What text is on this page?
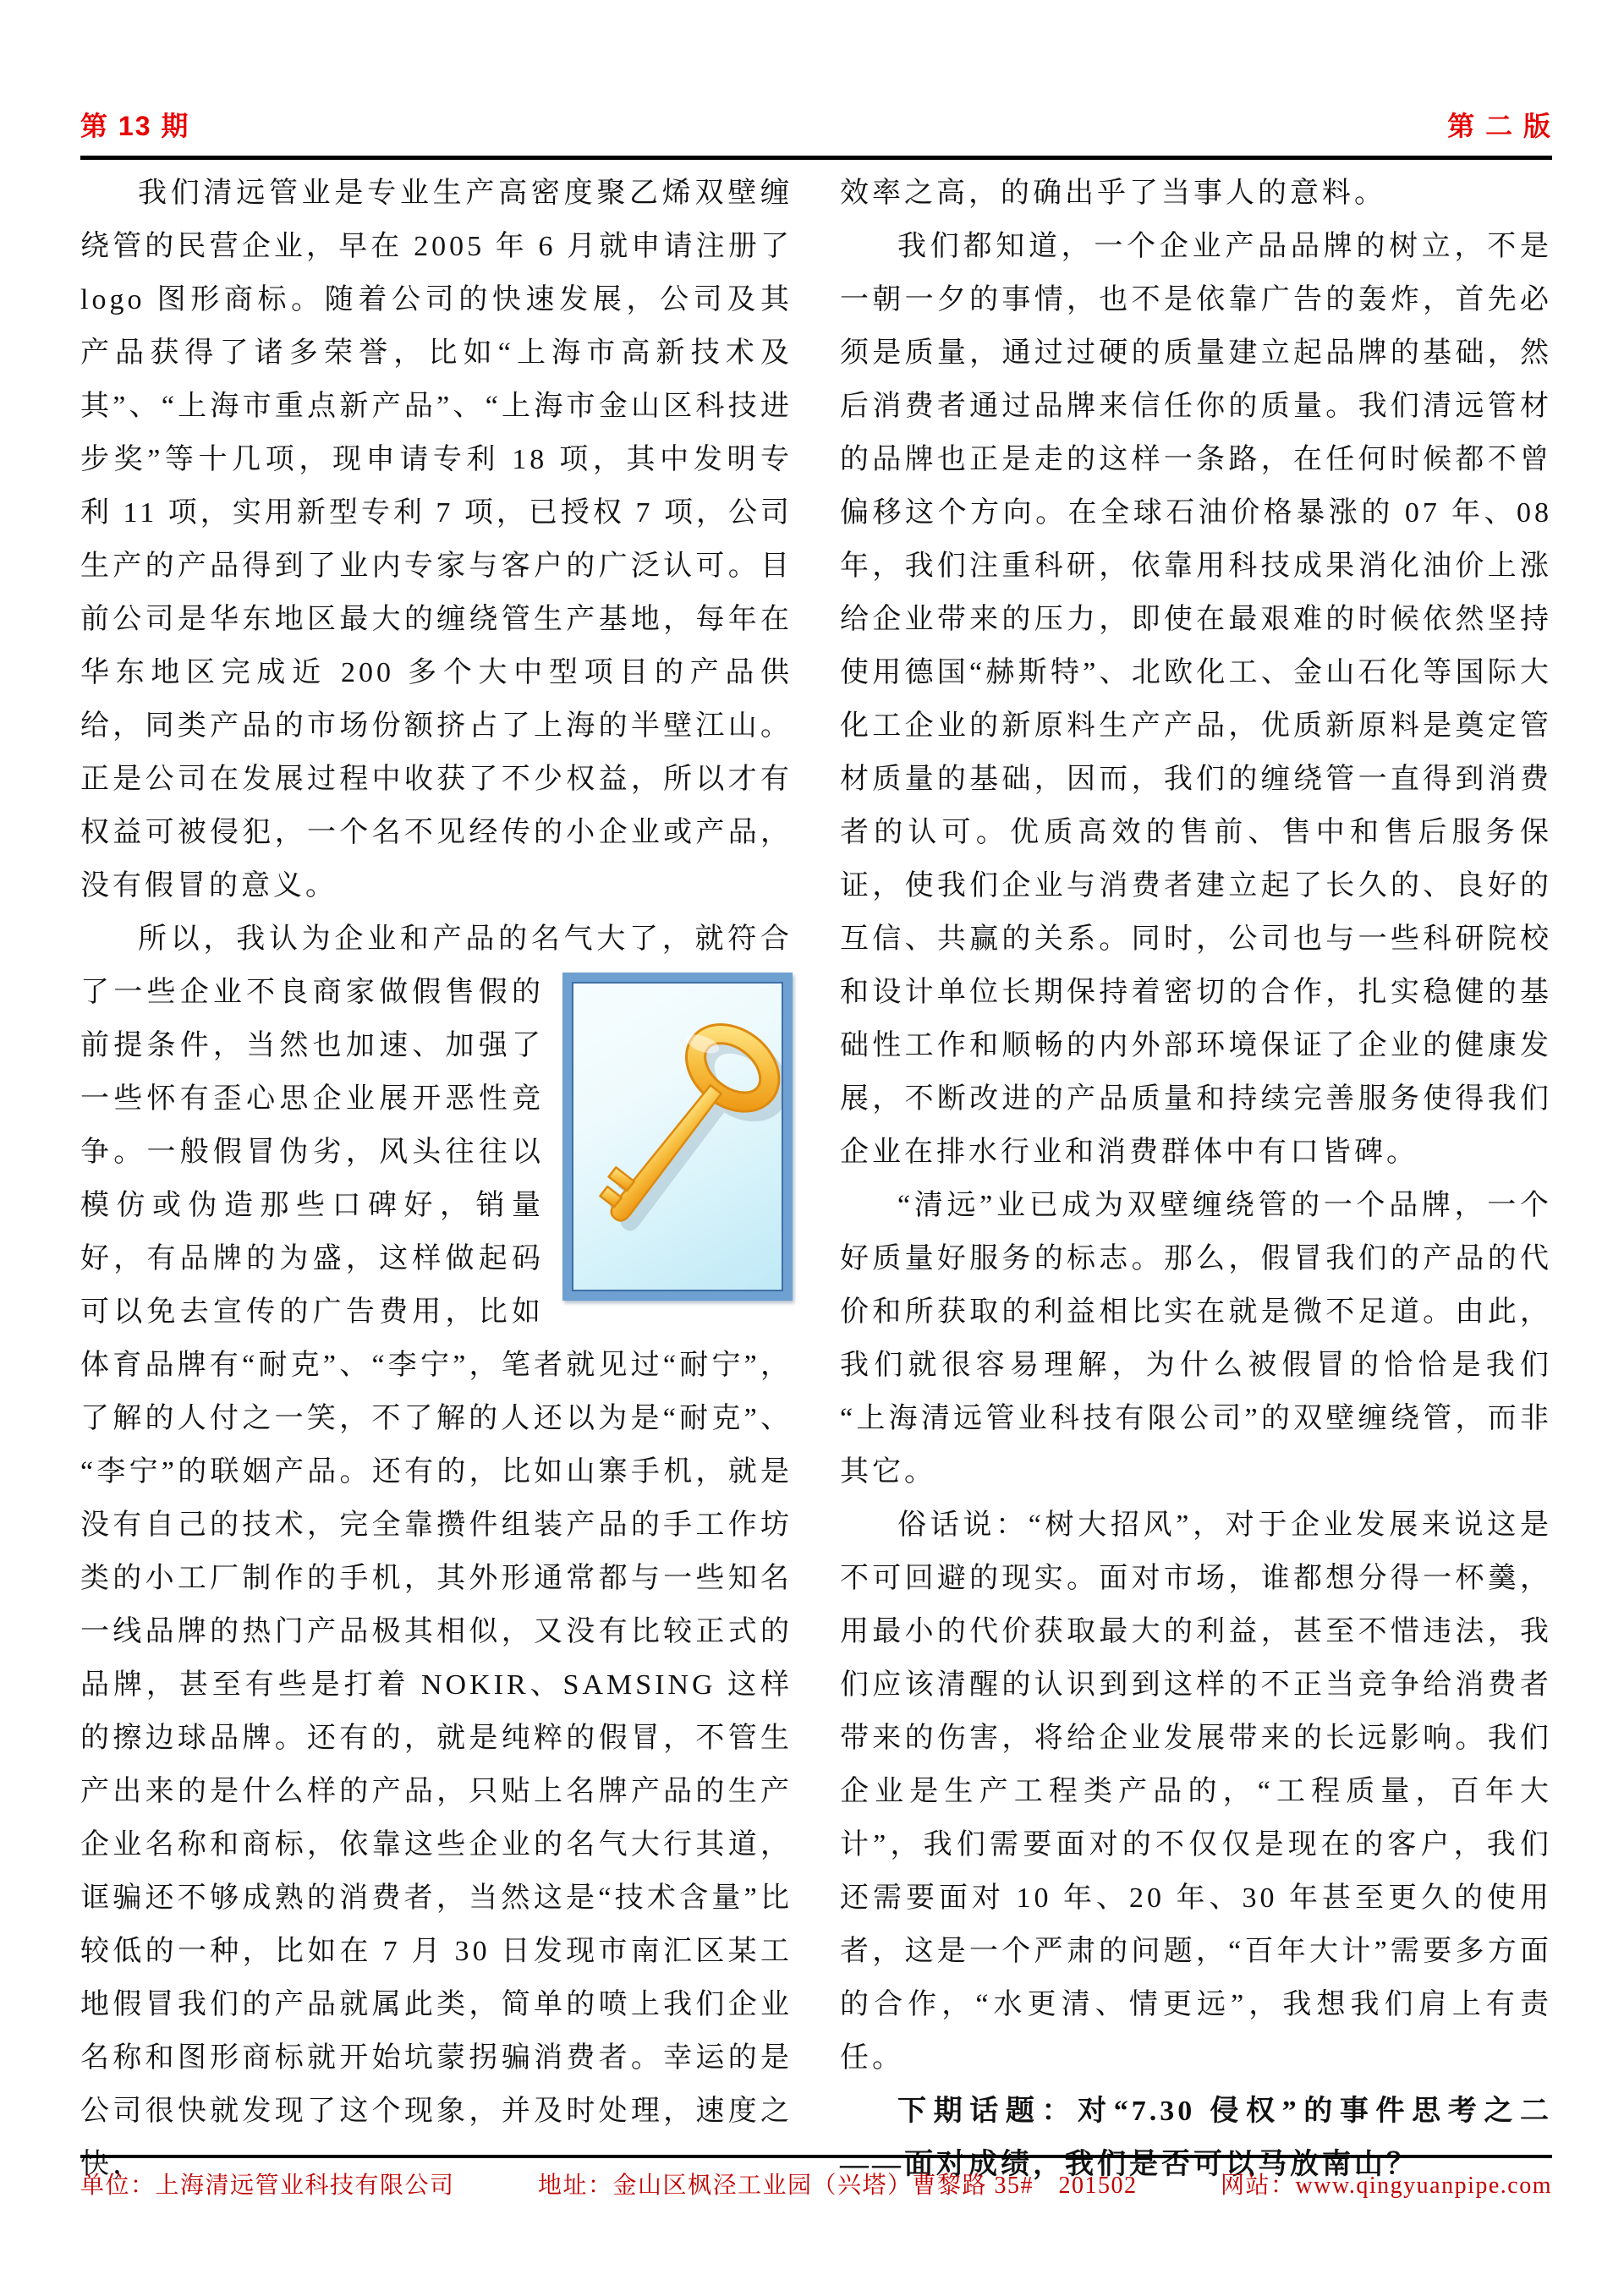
第 13 期	第 二 版

我们清远管业是专业生产高密度聚乙烯双壁缠绕管的民营企业，早在 2005 年 6 月就申请注册了 logo 图形商标。随着公司的快速发展，公司及其产品获得了诸多荣誉，比如“上海市高新技术及其”、“上海市重点新产品”、“上海市金山区科技进步奖”等十几项，现申请专利 18 项，其中发明专利 11 项，实用新型专利 7 项，已授权 7 项，公司生产的产品得到了业内专家与客户的广泛认可。目前公司是华东地区最大的缠绕管生产基地，每年在华东地区完成近 200 多个大中型项目的产品供给，同类产品的市场份额挤占了上海的半壁江山。正是公司在发展过程中收获了不少权益，所以才有权益可被侵犯，一个名不见经传的小企业或产品，没有假冒的意义。

所以，我认为企业和产品的名气大了，就符合
了一些企业不良商家做假售假的前提条件，当然也加速、加强了一些怀有歪心思企业展开恶性竞争。一般假冒伪劣，风头往往以模仿或伪造那些口碑好，销量好，有品牌的为盛，这样做起码可以免去宣传的广告费用，比如体育品牌有“耐克”、“李宁”，笔者就见过“耐宁”，了解的人付之一笑，不了解的人还以为是“耐克”、“李宁”的联姻产品。还有的，比如山寨手机，就是没有自己的技术，完全靠攒件组装产品的手工作坊类的小工厂制作的手机，其外形通常都与一些知名一线品牌的热门产品极其相似，又没有比较正式的品牌，甚至有些是打着 NOKIR、SAMSING 这样的擦边球品牌。还有的，就是纯粹的假冒，不管生产出来的是什么样的产品，只贴上名牌产品的生产企业名称和商标，依靠这些企业的名气大行其道，诓骗还不够成熟的消费者，当然这是“技术含量”比较低的一种，比如在 7 月 30 日发现市南汇区某工地假冒我们的产品就属此类，简单的喷上我们企业名称和图形商标就开始坑蒙拐骗消费者。幸运的是公司很快就发现了这个现象，并及时处理，速度之快，

效率之高，的确出乎了当事人的意料。

我们都知道，一个企业产品品牌的树立，不是一朝一夕的事情，也不是依靠广告的轰炸，首先必须是质量，通过过硬的质量建立起品牌的基础，然后消费者通过品牌来信任你的质量。我们清远管材的品牌也正是走的这样一条路，在任何时候都不曾偏移这个方向。在全球石油价格暴涨的 07 年、08 年，我们注重科研，依靠用科技成果消化油价上涨给企业带来的压力，即使在最艰难的时候依然坚持使用德国“赫斯特”、北欧化工、金山石化等国际大化工企业的新原料生产产品，优质新原料是奠定管材质量的基础，因而，我们的缠绕管一直得到消费者的认可。优质高效的售前、售中和售后服务保证，使我们企业与消费者建立起了长久的、良好的互信、共赢的关系。同时，公司也与一些科研院校和设计单位长期保持着密切的合作，扎实稳健的基础性工作和顺畅的内外部环境保证了企业的健康发展，不断改进的产品质量和持续完善服务使得我们企业在排水行业和消费群体中有口皆碑。

“清远”业已成为双壁缠绕管的一个品牌，一个好质量好服务的标志。那么，假冒我们的产品的代价和所获取的利益相比实在就是微不足道。由此，我们就很容易理解，为什么被假冒的恰恰是我们“上海清远管业科技有限公司”的双壁缠绕管，而非其它。

俗话说：“树大招风”，对于企业发展来说这是不可回避的现实。面对市场，谁都想分得一杯羹，用最小的代价获取最大的利益，甚至不惜违法，我们应该清醒的认识到到这样的不正当竞争给消费者带来的伤害，将给企业发展带来的长远影响。我们企业是生产工程类产品的，“工程质量，百年大计”，我们需要面对的不仅仅是现在的客户，我们还需要面对 10 年、20 年、30 年甚至更久的使用者，这是一个严肃的问题，“百年大计”需要多方面的合作，“水更清、情更远”，我想我们肩上有责任。

下期话题：对“7.30 侵权”的事件思考之二——面对成绩，我们是否可以马放南山？

单位：上海清远管业科技有限公司	地址：金山区枫泾工业园（兴塔）曹黎路 35#　201502	网站：www.qingyuanpipe.com
